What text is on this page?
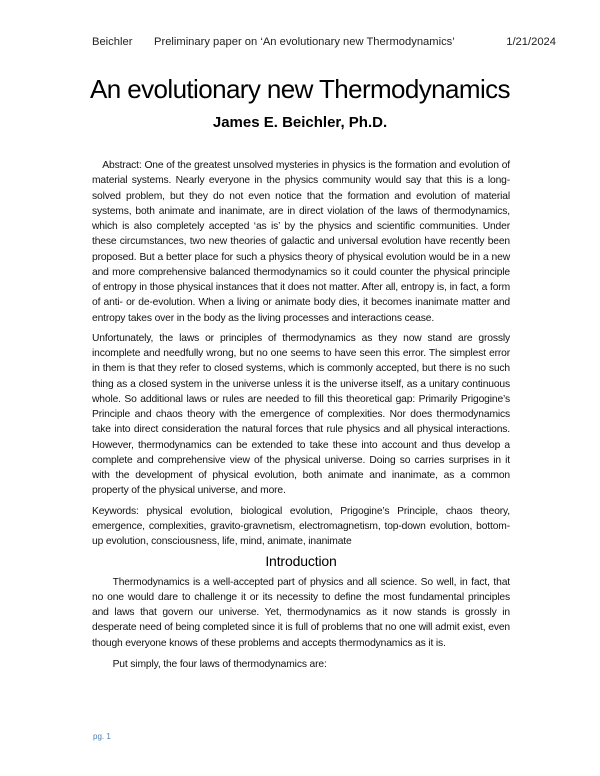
Beichler Preliminary paper on ‘An evolutionary new Thermodynamics’	1/21/2024
An evolutionary new Thermodynamics
James E. Beichler, Ph.D.

Abstract: One of the greatest unsolved mysteries in physics is the formation and evolution of material systems. Nearly everyone in the physics community would say that this is a long-solved problem, but they do not even notice that the formation and evolution of material systems, both animate and inanimate, are in direct violation of the laws of thermodynamics, which is also completely accepted ‘as is’ by the physics and scientific communities. Under these circumstances, two new theories of galactic and universal evolution have recently been proposed. But a better place for such a physics theory of physical evolution would be in a new and more comprehensive balanced thermodynamics so it could counter the physical principle of entropy in those physical instances that it does not matter. After all, entropy is, in fact, a form of anti- or de-evolution. When a living or animate body dies, it becomes inanimate matter and entropy takes over in the body as the living processes and interactions cease.

Unfortunately, the laws or principles of thermodynamics as they now stand are grossly incomplete and needfully wrong, but no one seems to have seen this error. The simplest error in them is that they refer to closed systems, which is commonly accepted, but there is no such thing as a closed system in the universe unless it is the universe itself, as a unitary continuous whole. So additional laws or rules are needed to fill this theoretical gap: Primarily Prigogine’s Principle and chaos theory with the emergence of complexities. Nor does thermodynamics take into direct consideration the natural forces that rule physics and all physical interactions. However, thermodynamics can be extended to take these into account and thus develop a complete and comprehensive view of the physical universe. Doing so carries surprises in it with the development of physical evolution, both animate and inanimate, as a common property of the physical universe, and more.

Keywords: physical evolution, biological evolution, Prigogine’s Principle, chaos theory, emergence, complexities, gravito-gravnetism, electromagnetism, top-down evolution, bottom-up evolution, consciousness, life, mind, animate, inanimate

Introduction

Thermodynamics is a well-accepted part of physics and all science. So well, in fact, that no one would dare to challenge it or its necessity to define the most fundamental principles and laws that govern our universe. Yet, thermodynamics as it now stands is grossly in desperate need of being completed since it is full of problems that no one will admit exist, even though everyone knows of these problems and accepts thermodynamics as it is.

Put simply, the four laws of thermodynamics are:

pg. 1
